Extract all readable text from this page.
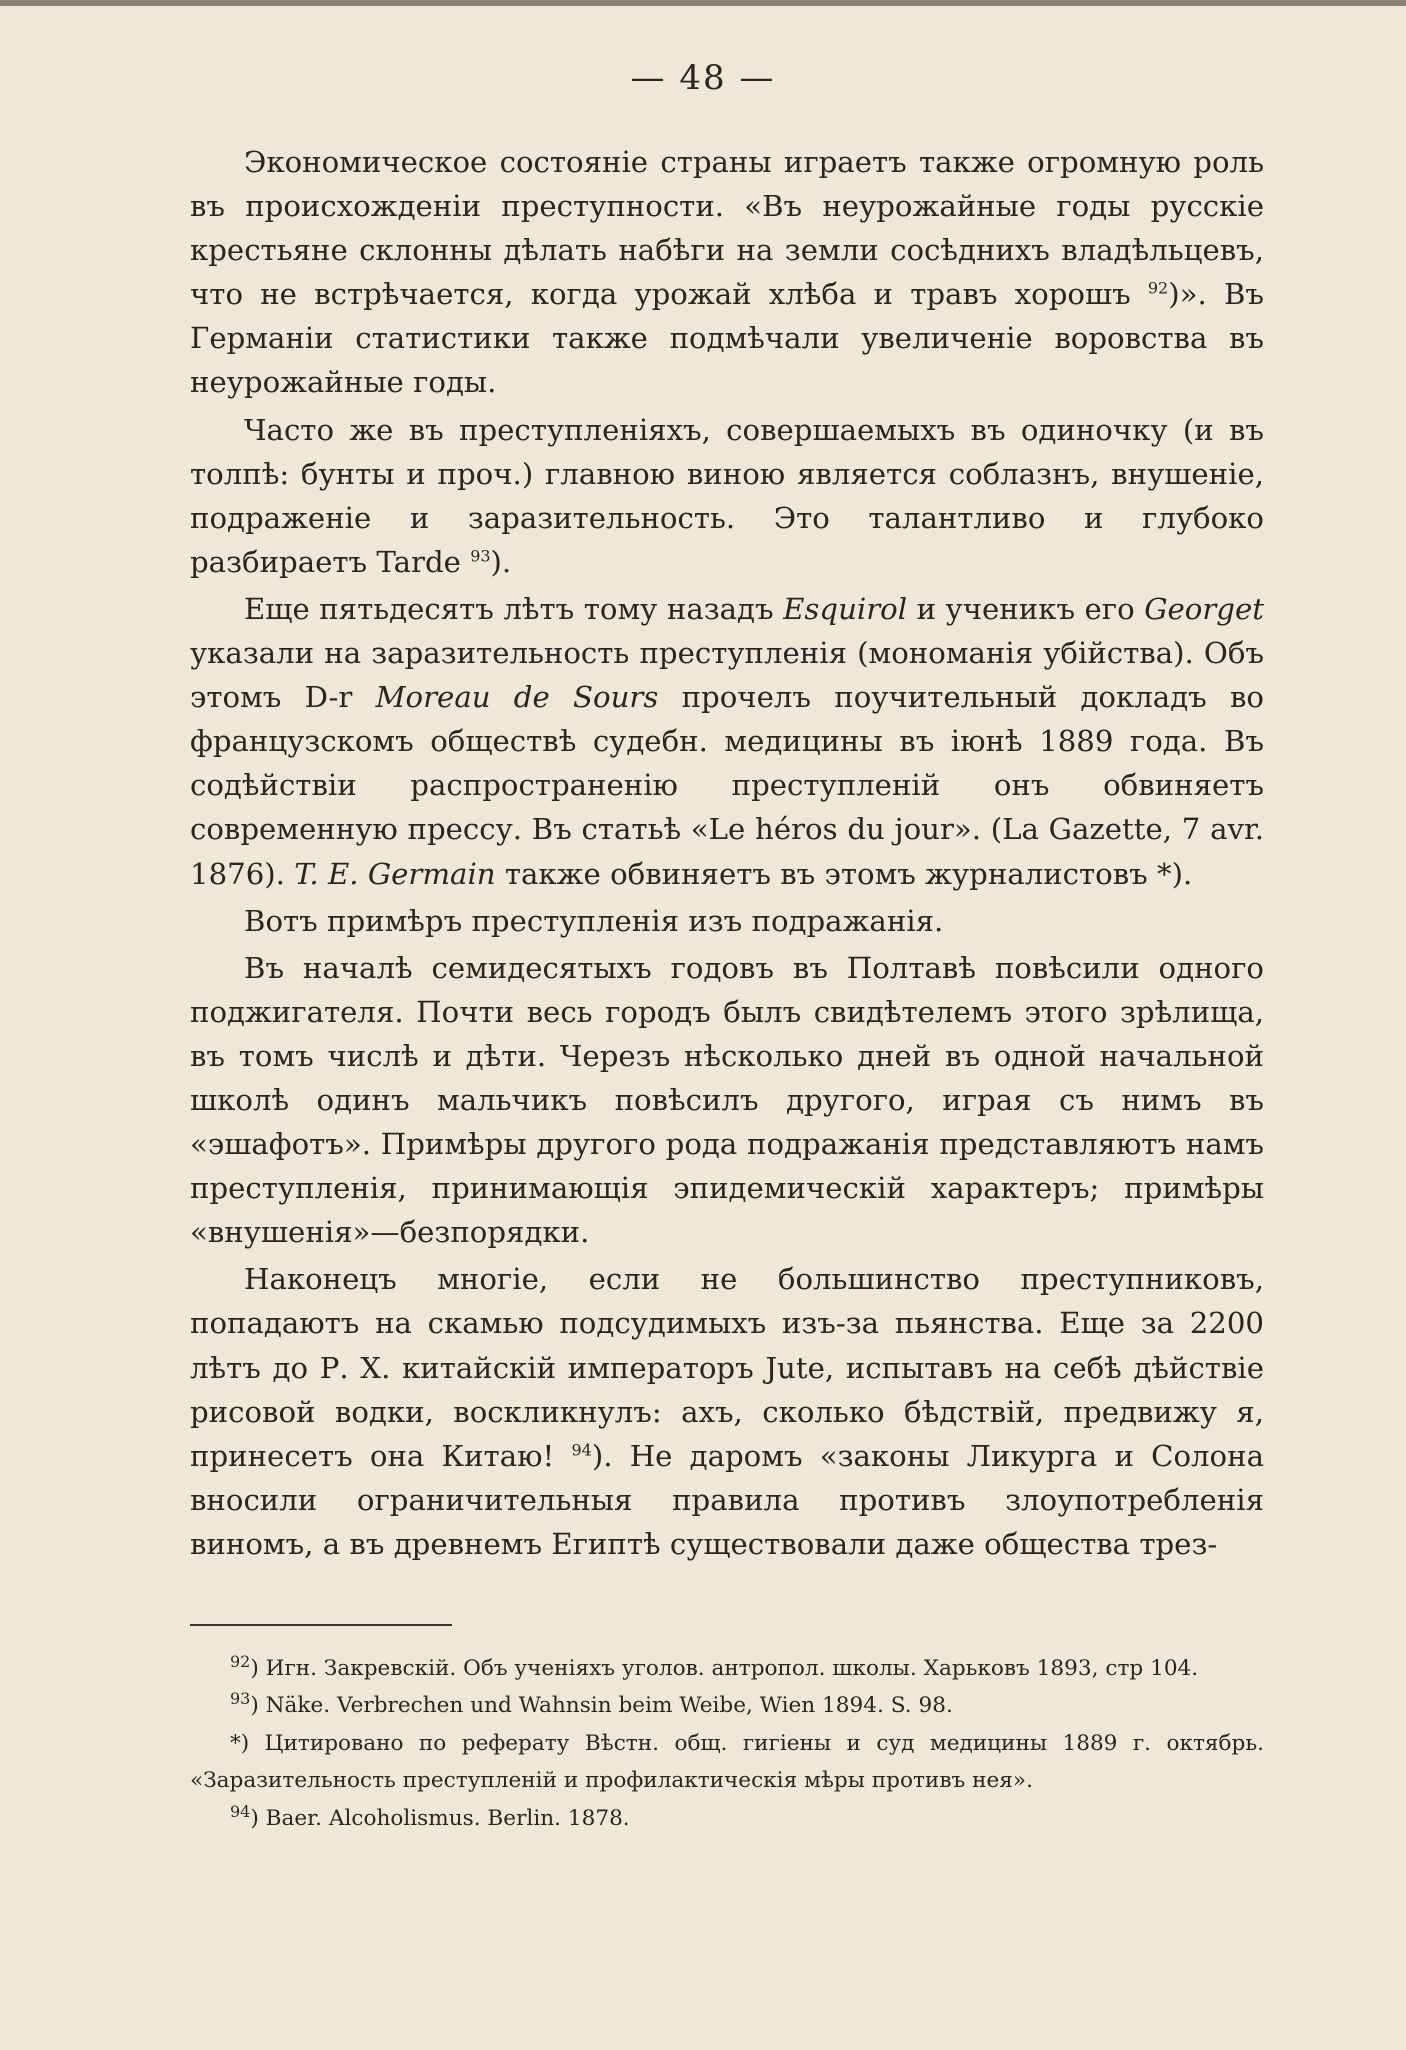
— 48 —

Экономическое состояніе страны играетъ также огромную роль въ происхожденіи преступности. «Въ неурожайные годы русскіе крестьяне склонны дѣлать набѣги на земли сосѣднихъ владѣльцевъ, что не встрѣчается, когда урожай хлѣба и травъ хорошъ $^{92}$)». Въ Германіи статистики также подмѣчали увеличеніе воровства въ неурожайные годы.

Часто же въ преступленіяхъ, совершаемыхъ въ одиночку (и въ толпѣ: бунты и проч.) главною виною является соблазнъ, внушеніе, подражeніе и заразительность. Это талантливо и глубоко разбираетъ Tarde $^{93}$).

Еще пятьдесятъ лѣтъ тому назадъ Esquirol и ученикъ его Georget указали на заразительность преступленія (мономанія убійства). Объ этомъ D-r Moreau de Sours прочелъ поучительный докладъ во французскомъ обществѣ судебн. медицины въ іюнѣ 1889 года. Въ содѣйствіи распространенію преступленій онъ обвиняетъ современную прессу. Въ статьѣ «Le héros du jour». (La Gazette, 7 avr. 1876). T. E. Germain также обвиняетъ въ этомъ журналистовъ *).

Вотъ примѣръ преступленія изъ подражанія.

Въ началѣ семидесятыхъ годовъ въ Полтавѣ повѣсили одного поджигателя. Почти весь городъ былъ свидѣтелемъ этого зрѣлища, въ томъ числѣ и дѣти. Черезъ нѣсколько дней въ одной начальной школѣ одинъ мальчикъ повѣсилъ другого, играя съ нимъ въ «эшафотъ». Примѣры другого рода подражанія представляютъ намъ преступленія, принимающія эпидемическій характеръ; примѣры «внушенія»—безпорядки.

Наконецъ многіе, если не большинство преступниковъ, попадаютъ на скамью подсудимыхъ изъ-за пьянства. Еще за 2200 лѣтъ до Р. Х. китайскій императоръ Jute, испытавъ на себѣ дѣйствіе рисовой водки, воскликнулъ: ахъ, сколько бѣдствій, предвижу я, принесетъ она Китаю! $^{94}$). Не даромъ «законы Ликурга и Солона вносили ограничительныя правила противъ злоупотребленія виномъ, а въ древнемъ Египтѣ существовали даже общества трез-

$^{92}$) Игн. Закревскій. Объ ученіяхъ уголов. антропол. школы. Харьковъ 1893, стр 104.

$^{93}$) Näke. Verbrechen und Wahnsin beim Weibe, Wien 1894. S. 98.

*) Цитировано по реферату Вѣстн. общ. гигіены и суд медицины 1889 г. октябрь. «Заразительность преступленій и профилактическія мѣры противъ нея».

$^{94}$) Baer. Alcoholismus. Berlin. 1878.
